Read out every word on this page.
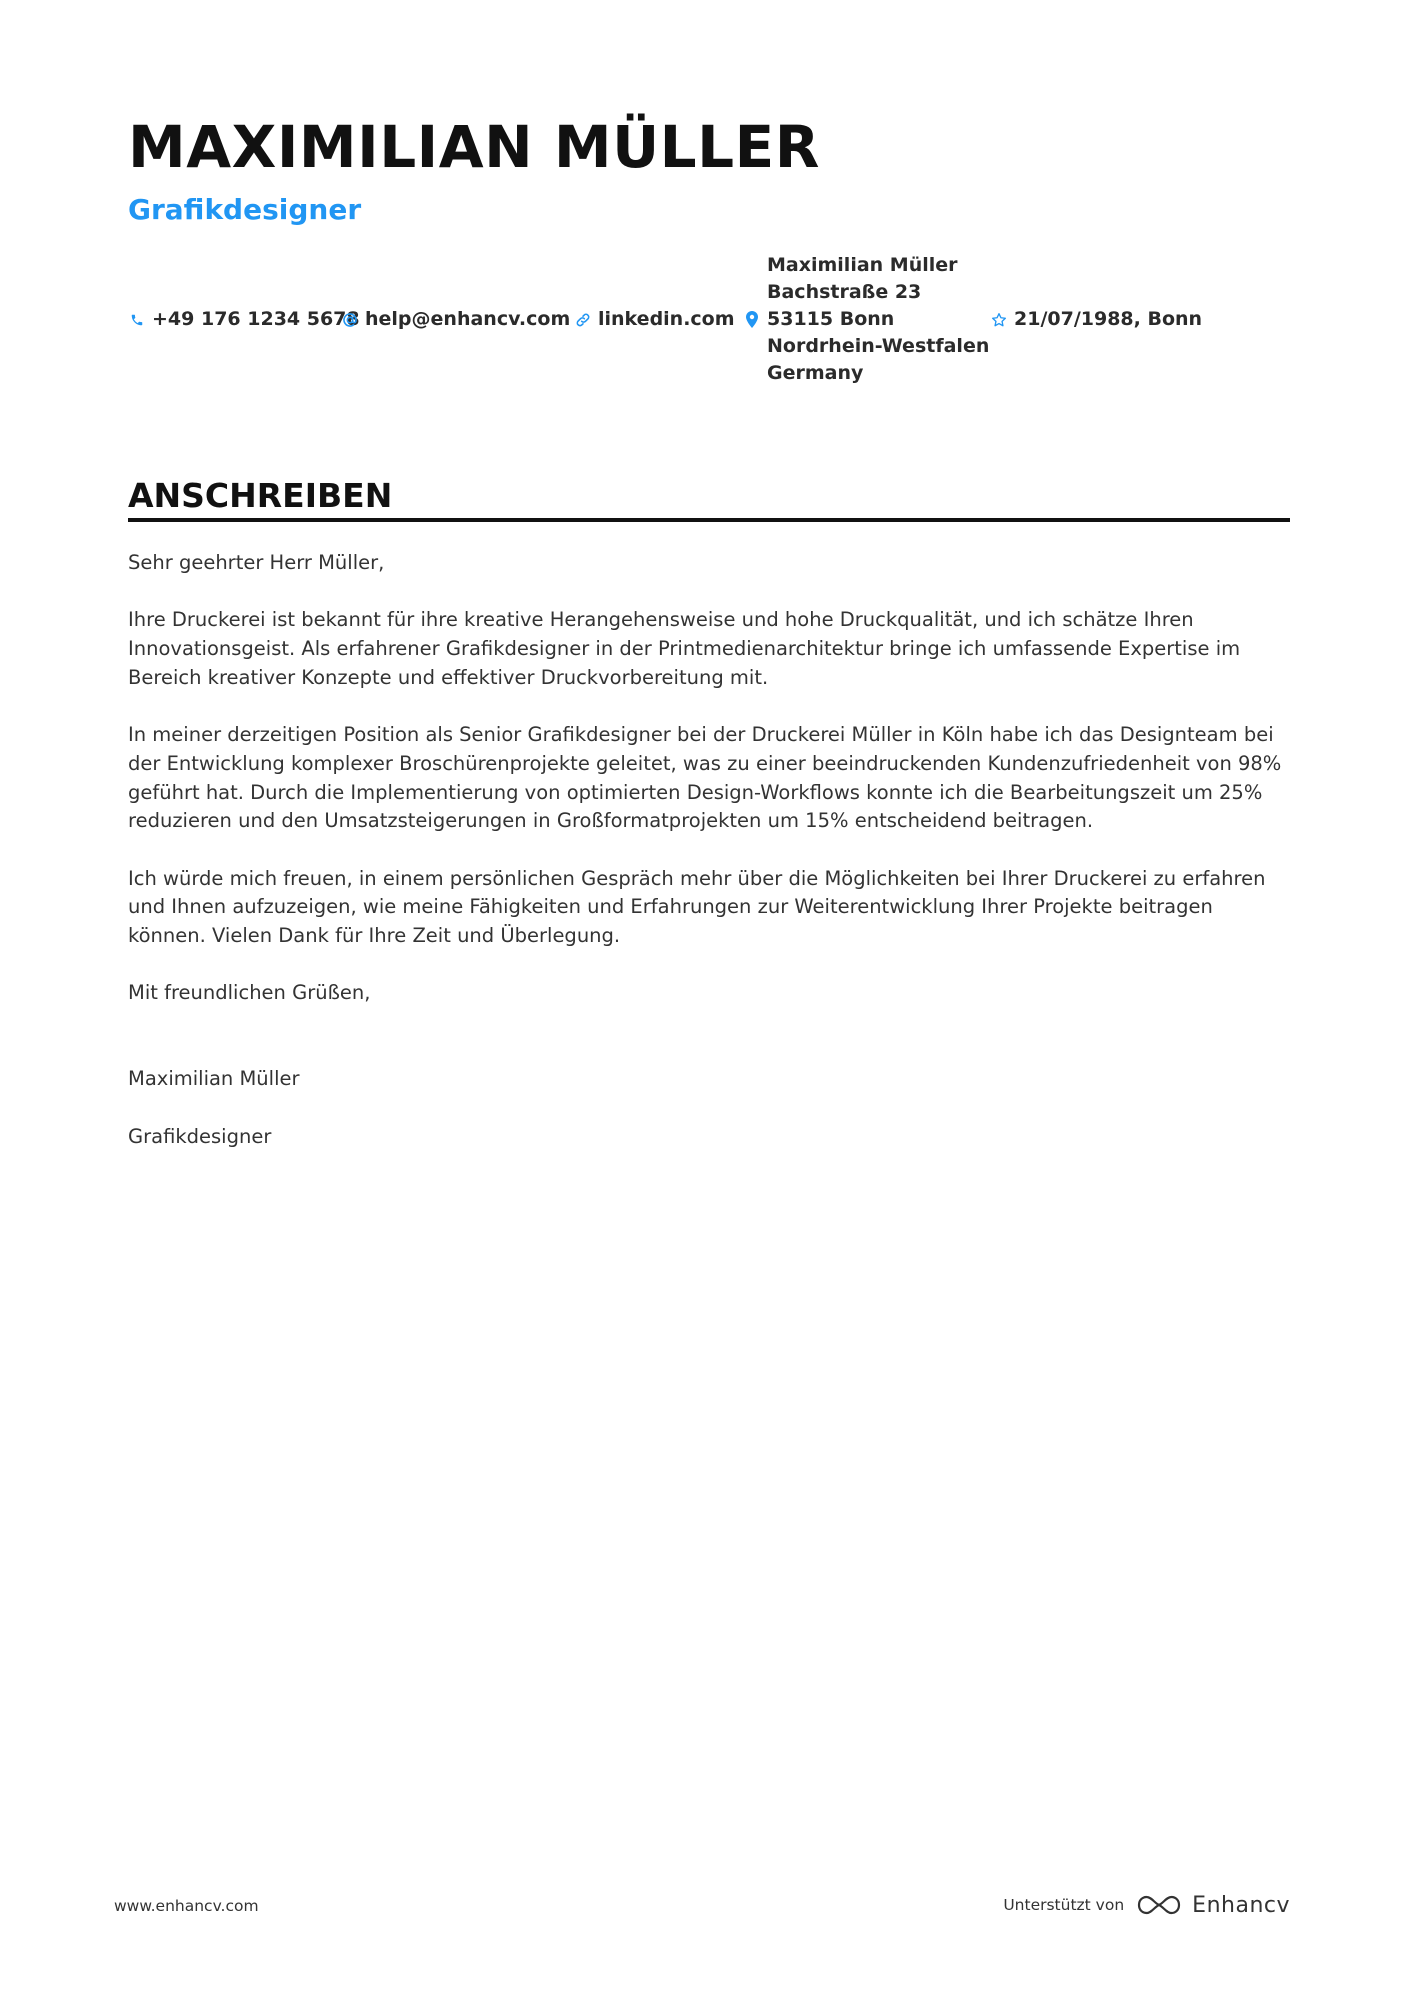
MAXIMILIAN MÜLLER
Grafikdesigner
+49 176 1234 5678 help@enhancv.com linkedin.com
Maximilian Müller
Bachstraße 23
53115 Bonn
Nordrhein-Westfalen
Germany
21/07/1988, Bonn
ANSCHREIBEN

Sehr geehrter Herr Müller,

Ihre Druckerei ist bekannt für ihre kreative Herangehensweise und hohe Druckqualität, und ich schätze Ihren Innovationsgeist. Als erfahrener Grafikdesigner in der Printmedienarchitektur bringe ich umfassende Expertise im Bereich kreativer Konzepte und effektiver Druckvorbereitung mit.

In meiner derzeitigen Position als Senior Grafikdesigner bei der Druckerei Müller in Köln habe ich das Designteam bei der Entwicklung komplexer Broschürenprojekte geleitet, was zu einer beeindruckenden Kundenzufriedenheit von 98% geführt hat. Durch die Implementierung von optimierten Design-Workflows konnte ich die Bearbeitungszeit um 25% reduzieren und den Umsatzsteigerungen in Großformatprojekten um 15% entscheidend beitragen.

Ich würde mich freuen, in einem persönlichen Gespräch mehr über die Möglichkeiten bei Ihrer Druckerei zu erfahren und Ihnen aufzuzeigen, wie meine Fähigkeiten und Erfahrungen zur Weiterentwicklung Ihrer Projekte beitragen können. Vielen Dank für Ihre Zeit und Überlegung.

Mit freundlichen Grüßen,

Maximilian Müller

Grafikdesigner

www.enhancv.com	Unterstützt von	Enhancv
